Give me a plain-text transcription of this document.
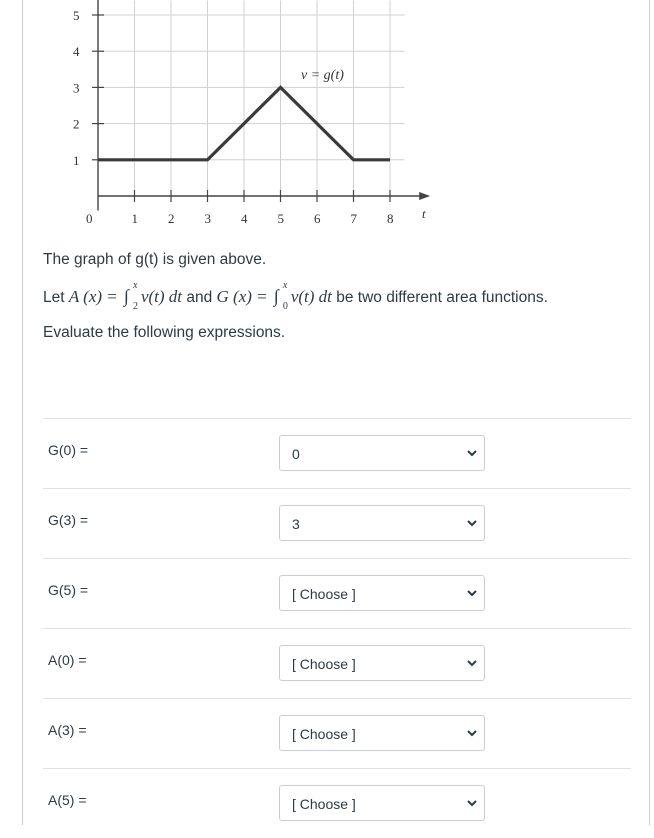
0	1 2 3 4 5 6 7 8
1
2
3
4
5
v = g(t)
t
The graph of g(t) is given above.
Let A (x) = ∫
x
2
v(t) dt and G (x) = ∫
x
0
v(t) dt be two different area functions.
Evaluate the following expressions.
G(0) =	0
G(3) =	3
G(5) =	[ Choose ]
A(0) =	[ Choose ]
A(3) =	[ Choose ]
A(5) =	[ Choose ]
